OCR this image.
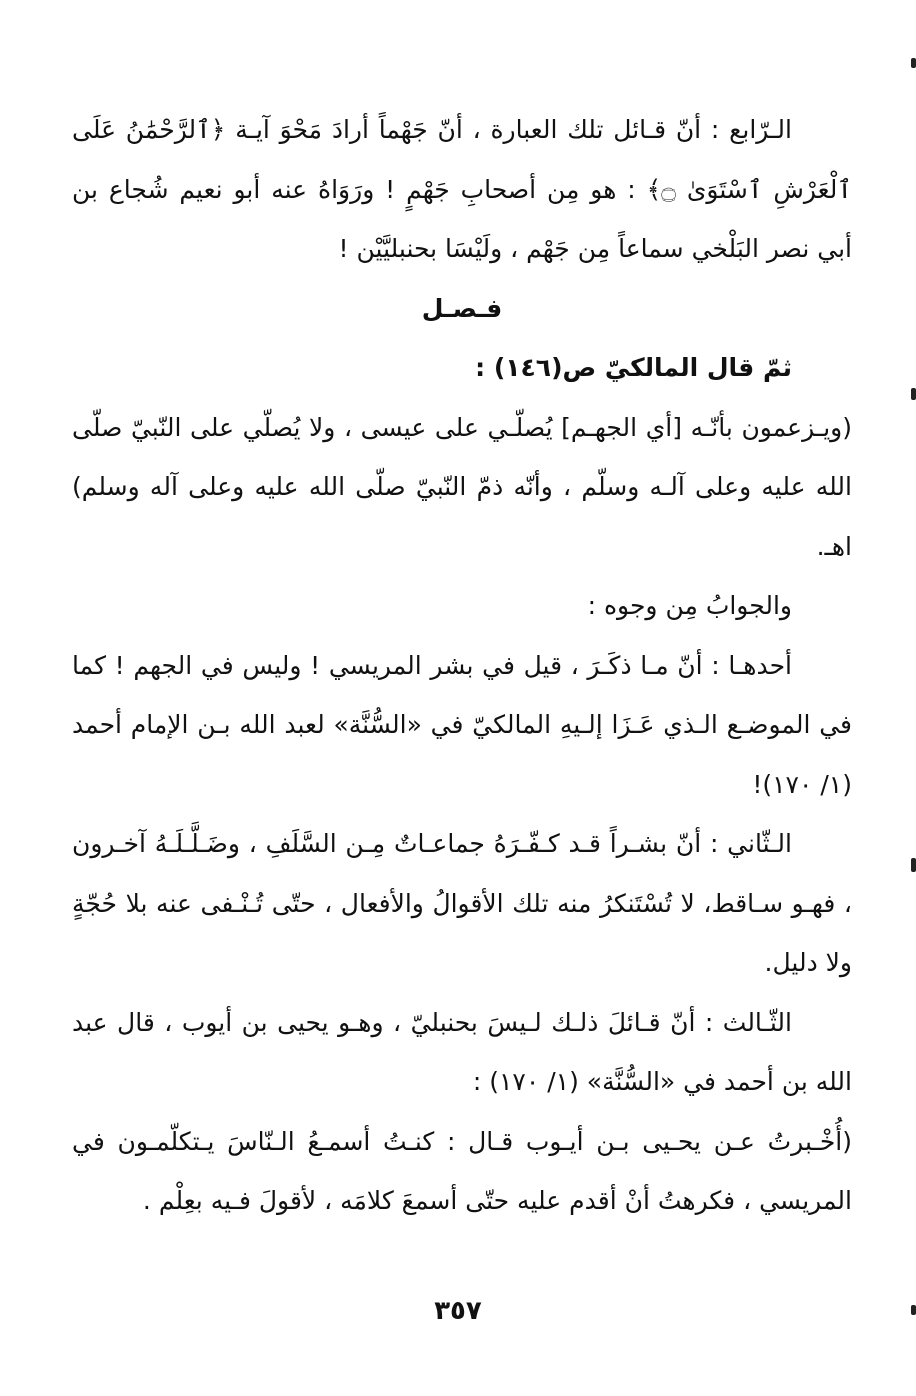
الـرّابع : أنّ قـائل تلك العبارة ، أنّ جَهْماً أرادَ مَحْوَ آيـة ﴿ٱلرَّحْمَٰنُ عَلَى ٱلْعَرْشِ ٱسْتَوَىٰ ۝﴾ : هو مِن أصحابِ جَهْمٍ ! ورَوَاهُ عنه أبو نعيم شُجاع بن أبي نصر البَلْخي سماعاً مِن جَهْم ، ولَيْسَا بحنبليَّيْن !

فـصـل

ثمّ قال المالكيّ ص(١٤٦) :

(ويـزعمون بأنّـه [أي الجهـم] يُصلّـي على عيسى ، ولا يُصلّي على النّبيّ صلّى الله عليه وعلى آلـه وسلّم ، وأنّه ذمّ النّبيّ صلّى الله عليه وعلى آله وسلم) اهـ.

والجوابُ مِن وجوه :

أحدهـا : أنّ مـا ذكَـرَ ، قيل في بشر المريسي ! وليس في الجهم ! كما في الموضـع الـذي عَـزَا إلـيهِ المالكيّ في «السُّنَّة» لعبد الله بـن الإمام أحمد (١/ ١٧٠)!

الـثّاني : أنّ بشـراً قـد كـفّـرَهُ جماعـاتٌ مِـن السَّلَفِ ، وضَـلَّـلَـهُ آخـرون ، فهـو سـاقط، لا تُسْتَنكرُ منه تلك الأقوالُ والأفعال ، حتّى تُـنْـفى عنه بلا حُجّةٍ ولا دليل.

الثّـالث : أنّ قـائلَ ذلـك لـيسَ بحنبليّ ، وهـو يحيى بن أيوب ، قال عبد الله بن أحمد في «السُّنَّة» (١/ ١٧٠) :

(أُخْـبرتُ عـن يحـيى بـن أيـوب قـال : كنـتُ أسمـعُ الـنّاسَ يـتكلّمـون في المريسي ، فكرهتُ أنْ أقدم عليه حتّى أسمعَ كلامَه ، لأقولَ فـيه بعِلْم .

٣٥٧
